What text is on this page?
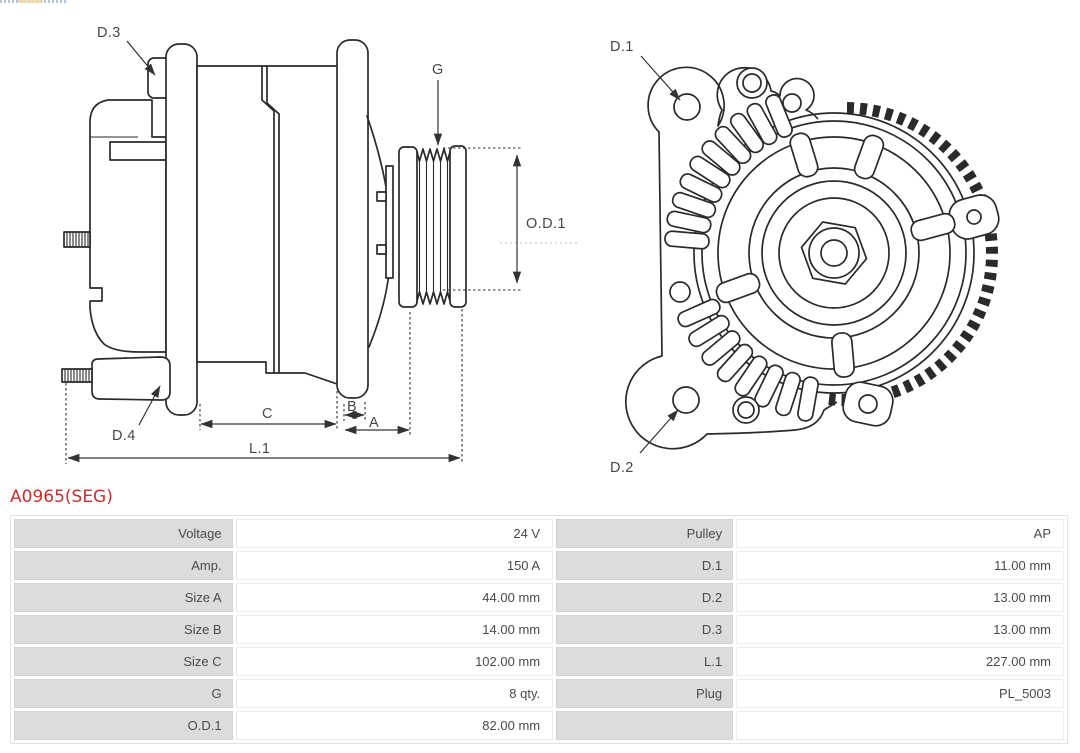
D.3
G
O.D.1
C	B
A
L.1
D.4
D.1
D.2
A0965(SEG)
Voltage	24 V	Pulley	AP
Amp.	150 A	D.1	11.00 mm
Size A	44.00 mm	D.2	13.00 mm
Size B	14.00 mm	D.3	13.00 mm
Size C	102.00 mm	L.1	227.00 mm
G	8 qty.	Plug	PL_5003
O.D.1	82.00 mm		
